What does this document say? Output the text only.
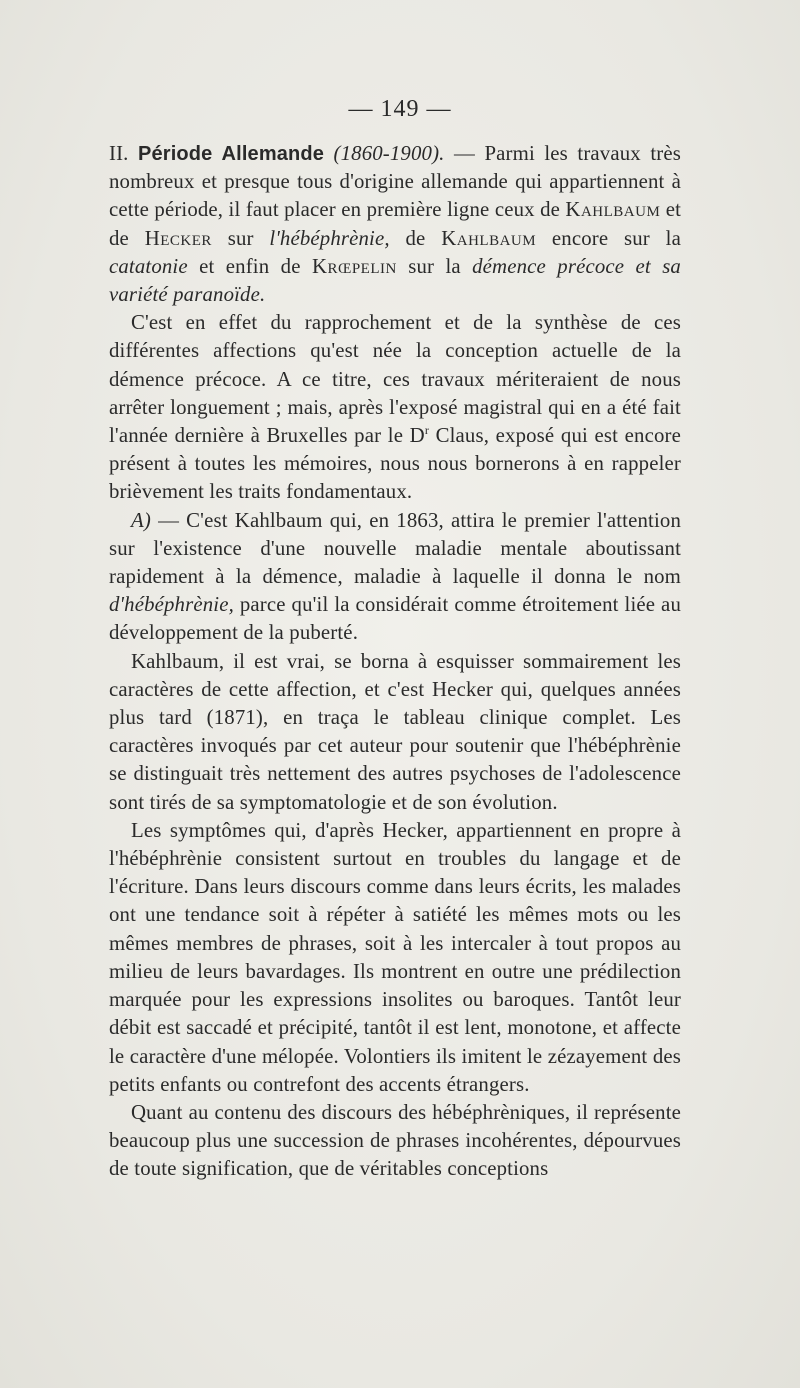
— 149 —

II. Période Allemande (1860-1900). — Parmi les travaux très nombreux et presque tous d'origine allemande qui appartiennent à cette période, il faut placer en première ligne ceux de Kahlbaum et de Hecker sur l'hébéphrènie, de Kahlbaum encore sur la catatonie et enfin de Krœpelin sur la démence précoce et sa variété paranoïde.

C'est en effet du rapprochement et de la synthèse de ces différentes affections qu'est née la conception actuelle de la démence précoce. A ce titre, ces travaux mériteraient de nous arrêter longuement ; mais, après l'exposé magistral qui en a été fait l'année dernière à Bruxelles par le $D^r$ Claus, exposé qui est encore présent à toutes les mémoires, nous nous bornerons à en rappeler brièvement les traits fondamentaux.

A) — C'est Kahlbaum qui, en 1863, attira le premier l'attention sur l'existence d'une nouvelle maladie mentale aboutissant rapidement à la démence, maladie à laquelle il donna le nom d'hébéphrènie, parce qu'il la considérait comme étroitement liée au développement de la puberté.

Kahlbaum, il est vrai, se borna à esquisser sommairement les caractères de cette affection, et c'est Hecker qui, quelques années plus tard (1871), en traça le tableau clinique complet. Les caractères invoqués par cet auteur pour soutenir que l'hébéphrènie se distinguait très nettement des autres psychoses de l'adolescence sont tirés de sa symptomatologie et de son évolution.

Les symptômes qui, d'après Hecker, appartiennent en propre à l'hébéphrènie consistent surtout en troubles du langage et de l'écriture. Dans leurs discours comme dans leurs écrits, les malades ont une tendance soit à répéter à satiété les mêmes mots ou les mêmes membres de phrases, soit à les intercaler à tout propos au milieu de leurs bavardages. Ils montrent en outre une prédilection marquée pour les expressions insolites ou baroques. Tantôt leur débit est saccadé et précipité, tantôt il est lent, monotone, et affecte le caractère d'une mélopée. Volontiers ils imitent le zézayement des petits enfants ou contrefont des accents étrangers.

Quant au contenu des discours des hébéphrèniques, il représente beaucoup plus une succession de phrases incohérentes, dépourvues de toute signification, que de véritables conceptions
